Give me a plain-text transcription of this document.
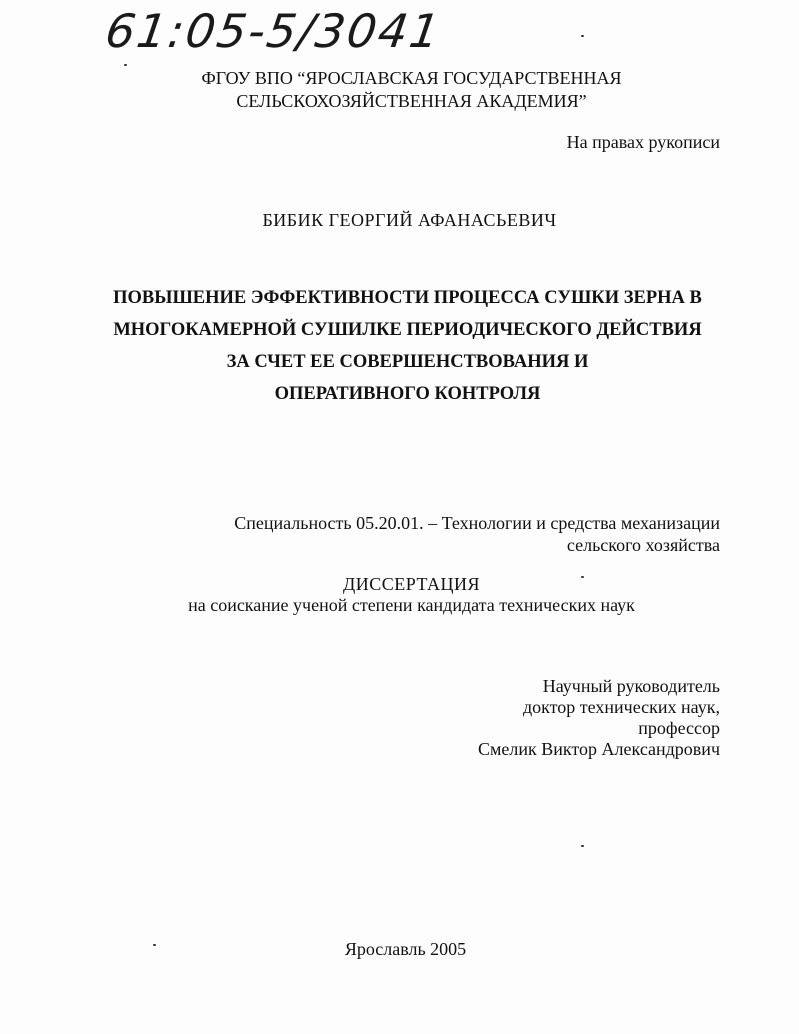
61:05-5/3041
ФГОУ ВПО “ЯРОСЛАВСКАЯ ГОСУДАРСТВЕННАЯ
СЕЛЬСКОХОЗЯЙСТВЕННАЯ АКАДЕМИЯ”
На правах рукописи
БИБИК ГЕОРГИЙ АФАНАСЬЕВИЧ
ПОВЫШЕНИЕ ЭФФЕКТИВНОСТИ ПРОЦЕССА СУШКИ ЗЕРНА В
МНОГОКАМЕРНОЙ СУШИЛКЕ ПЕРИОДИЧЕСКОГО ДЕЙСТВИЯ
ЗА СЧЕТ ЕЕ СОВЕРШЕНСТВОВАНИЯ И
ОПЕРАТИВНОГО КОНТРОЛЯ
Специальность 05.20.01. – Технологии и средства механизации
сельского хозяйства
ДИССЕРТАЦИЯ
на соискание ученой степени кандидата технических наук
Научный руководитель
доктор технических наук,
профессор
Смелик Виктор Александрович
Ярославль 2005
